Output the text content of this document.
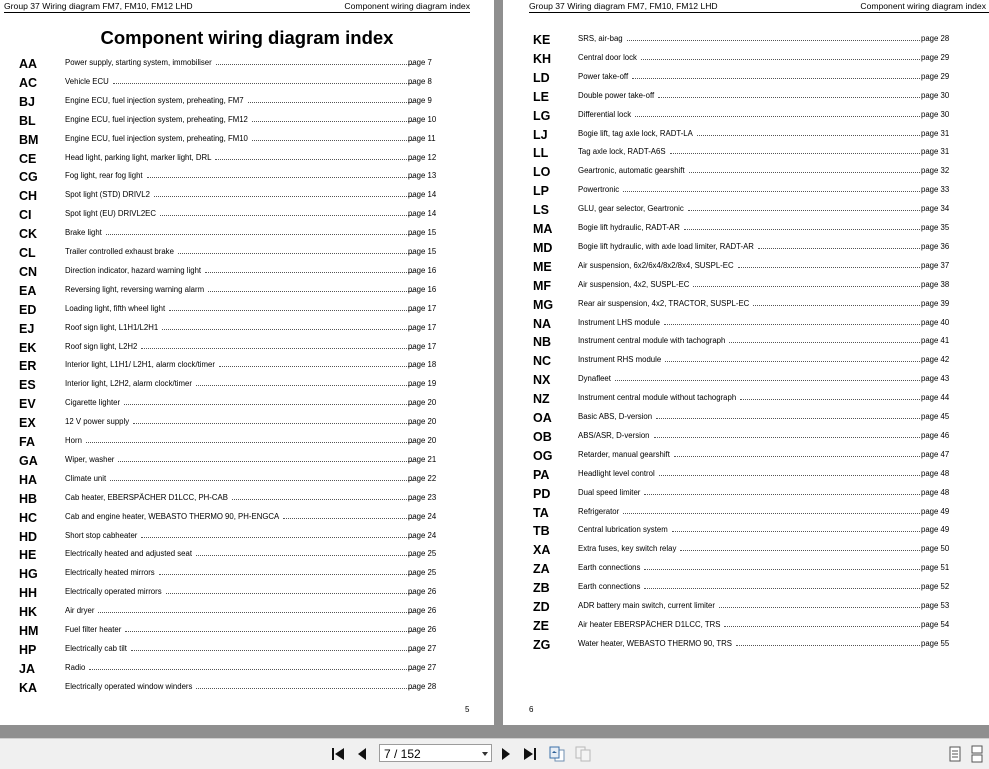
Group 37 Wiring diagram FM7, FM10, FM12 LHD	Component wiring diagram index
Component wiring diagram index
AA	Power supply, starting system, immobiliser	page 7
AC	Vehicle ECU	page 8
BJ	Engine ECU, fuel injection system, preheating, FM7	page 9
BL	Engine ECU, fuel injection system, preheating, FM12	page 10
BM	Engine ECU, fuel injection system, preheating, FM10	page 11
CE	Head light, parking light, marker light, DRL	page 12
CG	Fog light, rear fog light	page 13
CH	Spot light (STD) DRIVL2	page 14
CI	Spot light (EU) DRIVL2EC	page 14
CK	Brake light	page 15
CL	Trailer controlled exhaust brake	page 15
CN	Direction indicator, hazard warning light	page 16
EA	Reversing light, reversing warning alarm	page 16
ED	Loading light, fifth wheel light	page 17
EJ	Roof sign light, L1H1/L2H1	page 17
EK	Roof sign light, L2H2	page 17
ER	Interior light, L1H1/ L2H1, alarm clock/timer	page 18
ES	Interior light, L2H2, alarm clock/timer	page 19
EV	Cigarette lighter	page 20
EX	12 V power supply	page 20
FA	Horn	page 20
GA	Wiper, washer	page 21
HA	Climate unit	page 22
HB	Cab heater, EBERSPÄCHER D1LCC, PH-CAB	page 23
HC	Cab and engine heater, WEBASTO THERMO 90, PH-ENGCA	page 24
HD	Short stop cabheater	page 24
HE	Electrically heated and adjusted seat	page 25
HG	Electrically heated mirrors	page 25
HH	Electrically operated mirrors	page 26
HK	Air dryer	page 26
HM	Fuel filter heater	page 26
HP	Electrically cab tilt	page 27
JA	Radio	page 27
KA	Electrically operated window winders	page 28
5
Group 37 Wiring diagram FM7, FM10, FM12 LHD	Component wiring diagram index
KE	SRS, air-bag	page 28
KH	Central door lock	page 29
LD	Power take-off	page 29
LE	Double power take-off	page 30
LG	Differential lock	page 30
LJ	Bogie lift, tag axle lock, RADT-LA	page 31
LL	Tag axle lock, RADT-A6S	page 31
LO	Geartronic, automatic gearshift	page 32
LP	Powertronic	page 33
LS	GLU, gear selector, Geartronic	page 34
MA	Bogie lift hydraulic, RADT-AR	page 35
MD	Bogie lift hydraulic, with axle load limiter, RADT-AR	page 36
ME	Air suspension, 6x2/6x4/8x2/8x4, SUSPL-EC	page 37
MF	Air suspension, 4x2, SUSPL-EC	page 38
MG	Rear air suspension, 4x2, TRACTOR, SUSPL-EC	page 39
NA	Instrument LHS module	page 40
NB	Instrument central module with tachograph	page 41
NC	Instrument RHS module	page 42
NX	Dynafleet	page 43
NZ	Instrument central module without tachograph	page 44
OA	Basic ABS, D-version	page 45
OB	ABS/ASR, D-version	page 46
OG	Retarder, manual gearshift	page 47
PA	Headlight level control	page 48
PD	Dual speed limiter	page 48
TA	Refrigerator	page 49
TB	Central lubrication system	page 49
XA	Extra fuses, key switch relay	page 50
ZA	Earth connections	page 51
ZB	Earth connections	page 52
ZD	ADR battery main switch, current limiter	page 53
ZE	Air heater EBERSPÄCHER D1LCC, TRS	page 54
ZG	Water heater, WEBASTO THERMO 90, TRS	page 55
6
7 / 152
